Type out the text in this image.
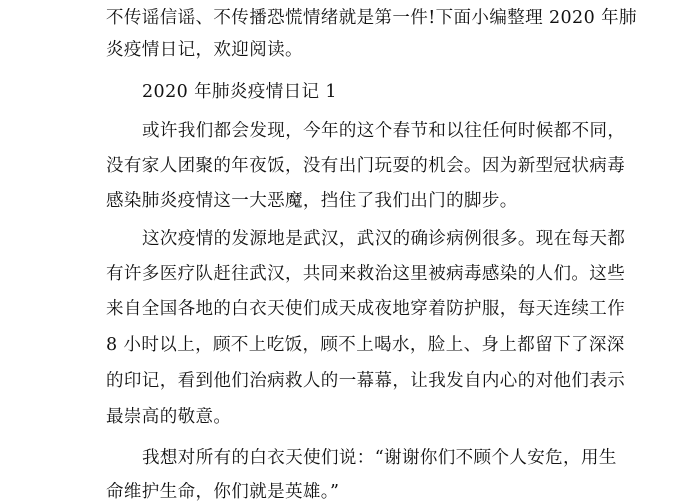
不传谣信谣、不传播恐慌情绪就是第一件!下面小编整理 2020 年肺
炎疫情日记，欢迎阅读。
2020 年肺炎疫情日记 1
或许我们都会发现，今年的这个春节和以往任何时候都不同，
没有家人团聚的年夜饭，没有出门玩耍的机会。因为新型冠状病毒
感染肺炎疫情这一大恶魔，挡住了我们出门的脚步。
这次疫情的发源地是武汉，武汉的确诊病例很多。现在每天都
有许多医疗队赶往武汉，共同来救治这里被病毒感染的人们。这些
来自全国各地的白衣天使们成天成夜地穿着防护服，每天连续工作
8 小时以上，顾不上吃饭，顾不上喝水，脸上、身上都留下了深深
的印记，看到他们治病救人的一幕幕，让我发自内心的对他们表示
最崇高的敬意。
我想对所有的白衣天使们说：“谢谢你们不顾个人安危，用生
命维护生命，你们就是英雄。”
